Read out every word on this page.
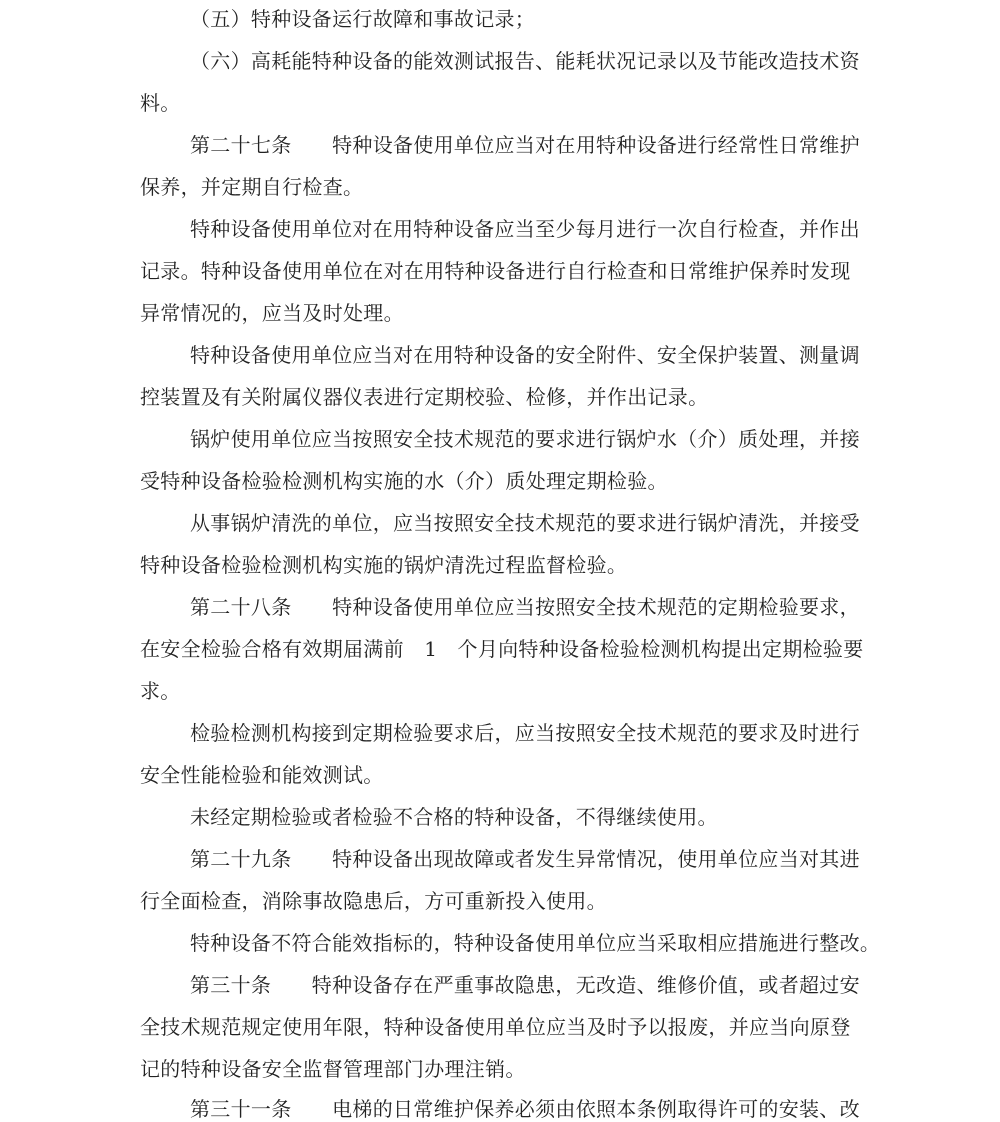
（五）特种设备运行故障和事故记录；

（六）高耗能特种设备的能效测试报告、能耗状况记录以及节能改造技术资

料。

第二十七条　　特种设备使用单位应当对在用特种设备进行经常性日常维护

保养，并定期自行检查。

特种设备使用单位对在用特种设备应当至少每月进行一次自行检查，并作出

记录。特种设备使用单位在对在用特种设备进行自行检查和日常维护保养时发现

异常情况的，应当及时处理。

特种设备使用单位应当对在用特种设备的安全附件、安全保护装置、测量调

控装置及有关附属仪器仪表进行定期校验、检修，并作出记录。

锅炉使用单位应当按照安全技术规范的要求进行锅炉水（介）质处理，并接

受特种设备检验检测机构实施的水（介）质处理定期检验。

从事锅炉清洗的单位，应当按照安全技术规范的要求进行锅炉清洗，并接受

特种设备检验检测机构实施的锅炉清洗过程监督检验。

第二十八条　　特种设备使用单位应当按照安全技术规范的定期检验要求，

在安全检验合格有效期届满前　1　个月向特种设备检验检测机构提出定期检验要

求。

检验检测机构接到定期检验要求后，应当按照安全技术规范的要求及时进行

安全性能检验和能效测试。

未经定期检验或者检验不合格的特种设备，不得继续使用。

第二十九条　　特种设备出现故障或者发生异常情况，使用单位应当对其进

行全面检查，消除事故隐患后，方可重新投入使用。

特种设备不符合能效指标的，特种设备使用单位应当采取相应措施进行整改。

第三十条　　特种设备存在严重事故隐患，无改造、维修价值，或者超过安

全技术规范规定使用年限，特种设备使用单位应当及时予以报废，并应当向原登

记的特种设备安全监督管理部门办理注销。

第三十一条　　电梯的日常维护保养必须由依照本条例取得许可的安装、改
